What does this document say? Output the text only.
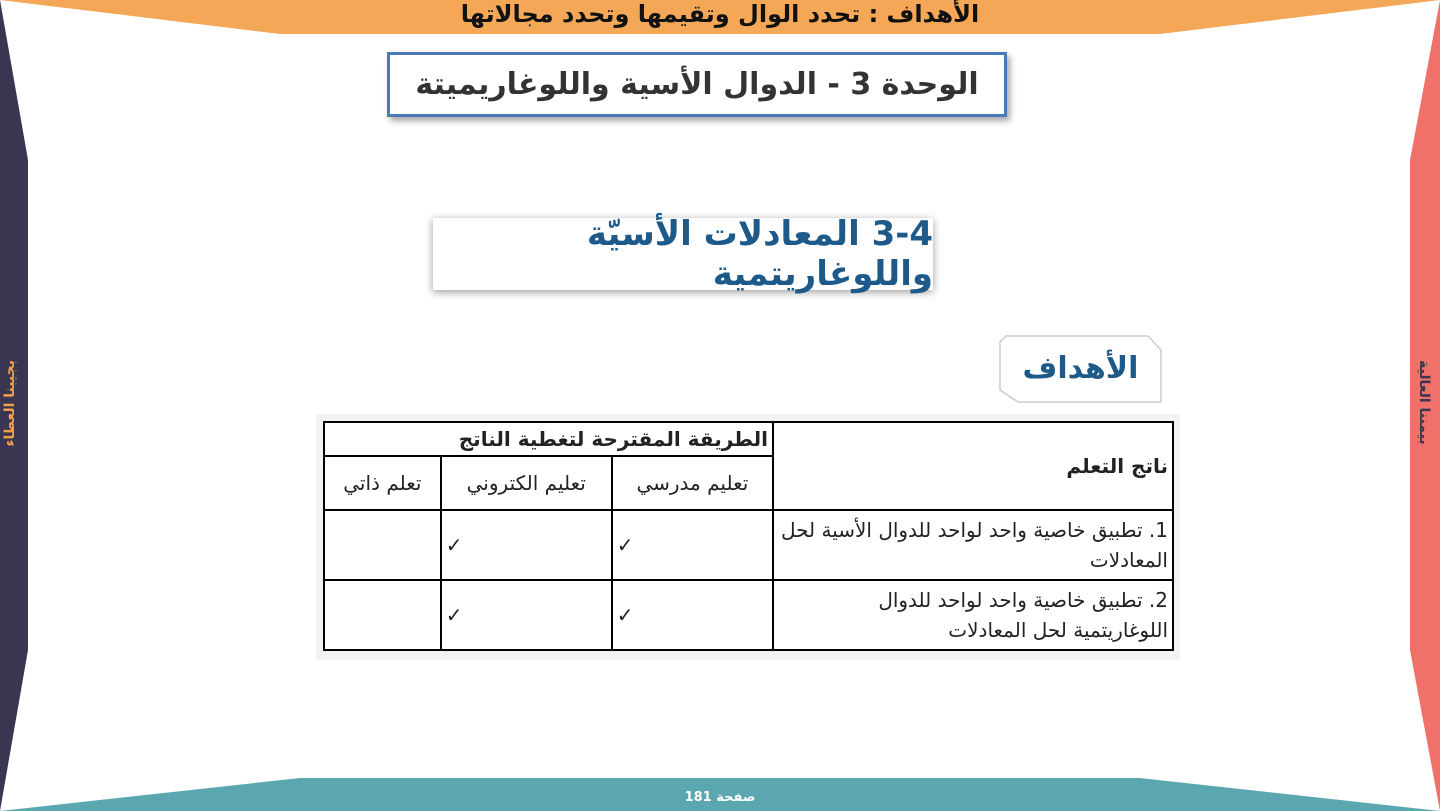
الأهداف : تحدد الوال وتقيمها وتحدد مجالاتها
بجيبنا العطاء	بيمننا العالية
الوحدة 3 - الدوال الأسية واللوغاريميتة
3-4 المعادلات الأسيّة واللوغاريتمية
الأهداف
ناتج التعلم	الطريقة المقترحة لتغطية الناتج		
	تعليم مدرسي	تعليم الكتروني	تعلم ذاتي
1. تطبيق خاصية واحد لواحد للدوال الأسية لحل المعادلات	✓	✓	
2. تطبيق خاصية واحد لواحد للدوال اللوغاريتمية لحل المعادلات	✓	✓	
صفحة 181
